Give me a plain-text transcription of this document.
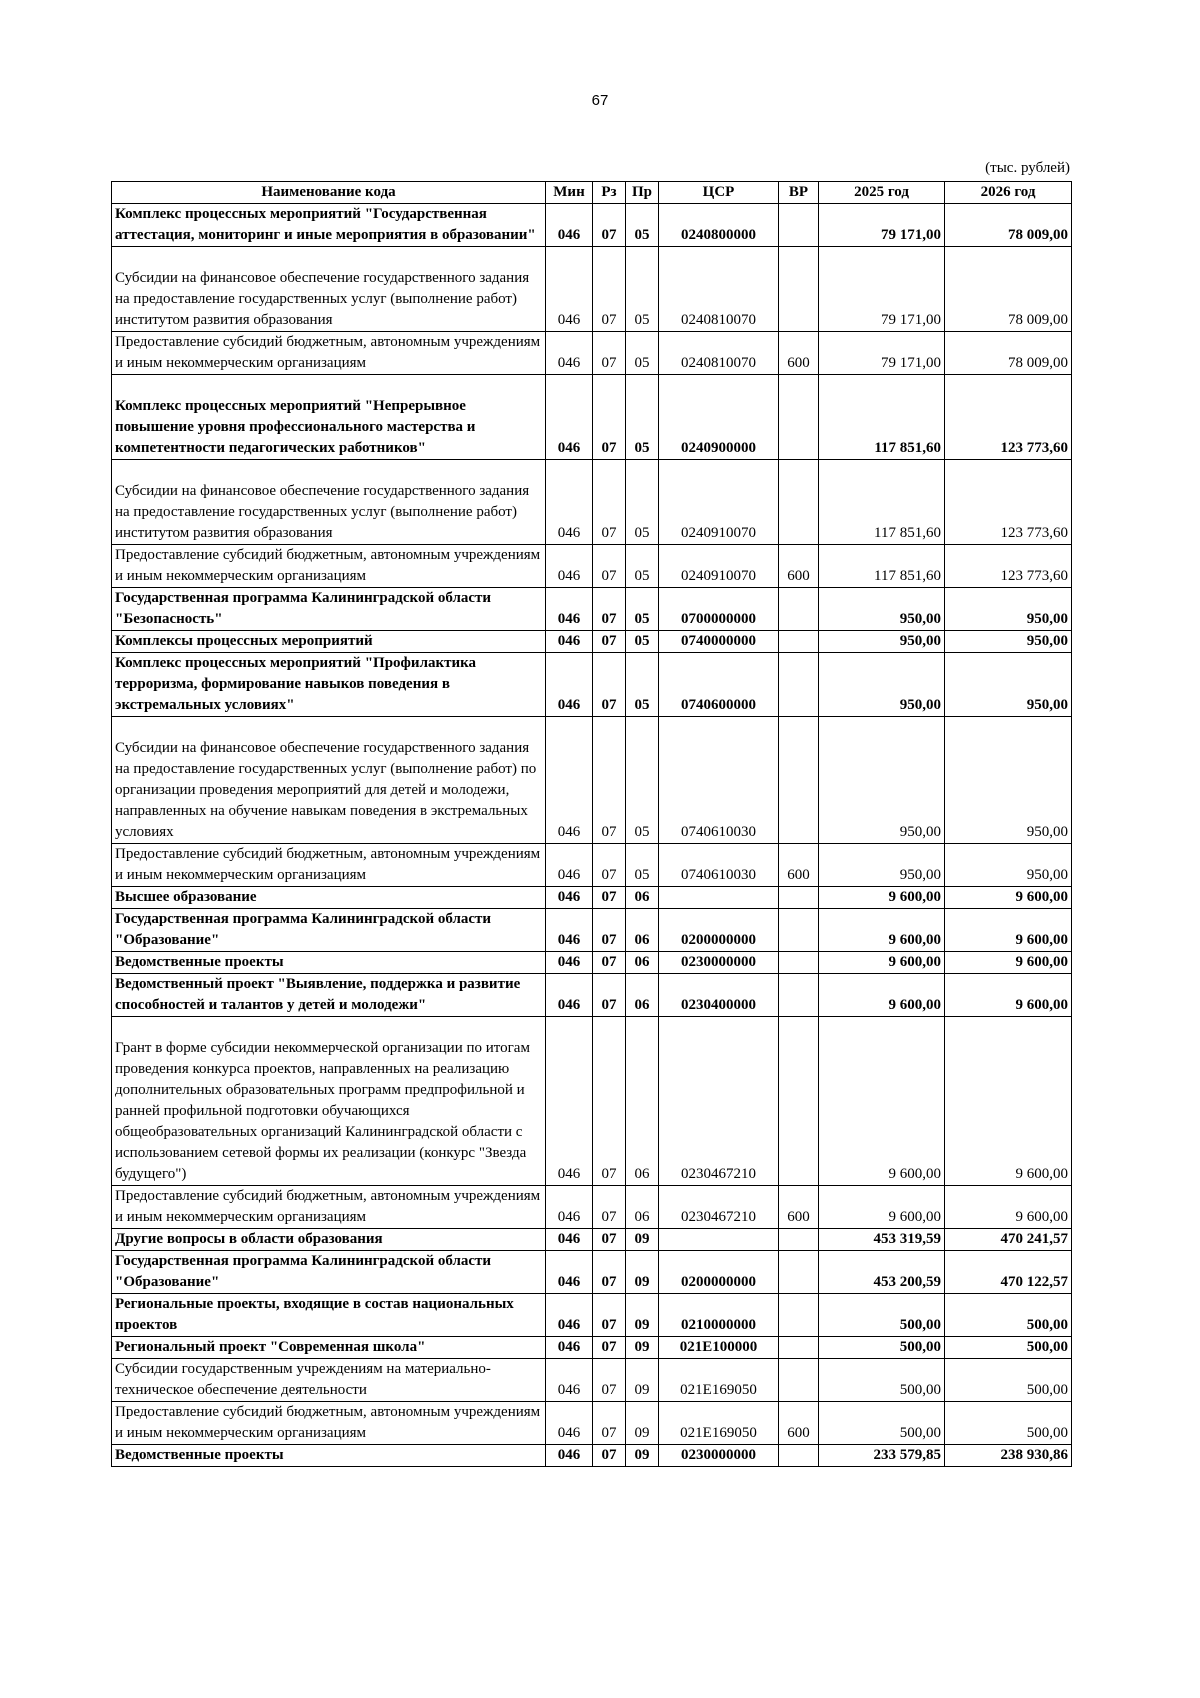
67
(тыс. рублей)
Наименование кода	Мин	Рз	Пр	ЦСР	ВР	2025 год	2026 год

Комплекс процессных мероприятий "Государственная аттестация, мониторинг и иные мероприятия в образовании"	046	07	05	0240800000		79 171,00	78 009,00

Субсидии на финансовое обеспечение государственного задания на предоставление государственных услуг (выполнение работ) институтом развития образования	046	07	05	0240810070		79 171,00	78 009,00

Предоставление субсидий бюджетным, автономным учреждениям и иным некоммерческим организациям	046	07	05	0240810070	600	79 171,00	78 009,00

Комплекс процессных мероприятий "Непрерывное повышение уровня профессионального мастерства и компетентности педагогических работников"	046	07	05	0240900000		117 851,60	123 773,60

Субсидии на финансовое обеспечение государственного задания на предоставление государственных услуг (выполнение работ) институтом развития образования	046	07	05	0240910070		117 851,60	123 773,60

Предоставление субсидий бюджетным, автономным учреждениям и иным некоммерческим организациям	046	07	05	0240910070	600	117 851,60	123 773,60

Государственная программа Калининградской области "Безопасность"	046	07	05	0700000000		950,00	950,00

Комплексы процессных мероприятий	046	07	05	0740000000		950,00	950,00

Комплекс процессных мероприятий "Профилактика терроризма, формирование навыков поведения в экстремальных условиях"	046	07	05	0740600000		950,00	950,00

Субсидии на финансовое обеспечение государственного задания на предоставление государственных услуг (выполнение работ) по организации проведения мероприятий для детей и молодежи, направленных на обучение навыкам поведения в экстремальных условиях	046	07	05	0740610030		950,00	950,00

Предоставление субсидий бюджетным, автономным учреждениям и иным некоммерческим организациям	046	07	05	0740610030	600	950,00	950,00

Высшее образование	046	07	06			9 600,00	9 600,00

Государственная программа Калининградской области "Образование"	046	07	06	0200000000		9 600,00	9 600,00

Ведомственные проекты	046	07	06	0230000000		9 600,00	9 600,00

Ведомственный проект "Выявление, поддержка и развитие способностей и талантов у детей и молодежи"	046	07	06	0230400000		9 600,00	9 600,00

Грант в форме субсидии некоммерческой организации по итогам проведения конкурса проектов, направленных на реализацию дополнительных образовательных программ предпрофильной и ранней профильной подготовки обучающихся общеобразовательных организаций Калининградской области с использованием сетевой формы их реализации (конкурс "Звезда будущего")	046	07	06	0230467210		9 600,00	9 600,00

Предоставление субсидий бюджетным, автономным учреждениям и иным некоммерческим организациям	046	07	06	0230467210	600	9 600,00	9 600,00

Другие вопросы в области образования	046	07	09			453 319,59	470 241,57

Государственная программа Калининградской области "Образование"	046	07	09	0200000000		453 200,59	470 122,57

Региональные проекты, входящие в состав национальных проектов	046	07	09	0210000000		500,00	500,00

Региональный проект "Современная школа"	046	07	09	021E100000		500,00	500,00

Субсидии государственным учреждениям на материально-техническое обеспечение деятельности	046	07	09	021E169050		500,00	500,00

Предоставление субсидий бюджетным, автономным учреждениям и иным некоммерческим организациям	046	07	09	021E169050	600	500,00	500,00

Ведомственные проекты	046	07	09	0230000000		233 579,85	238 930,86
